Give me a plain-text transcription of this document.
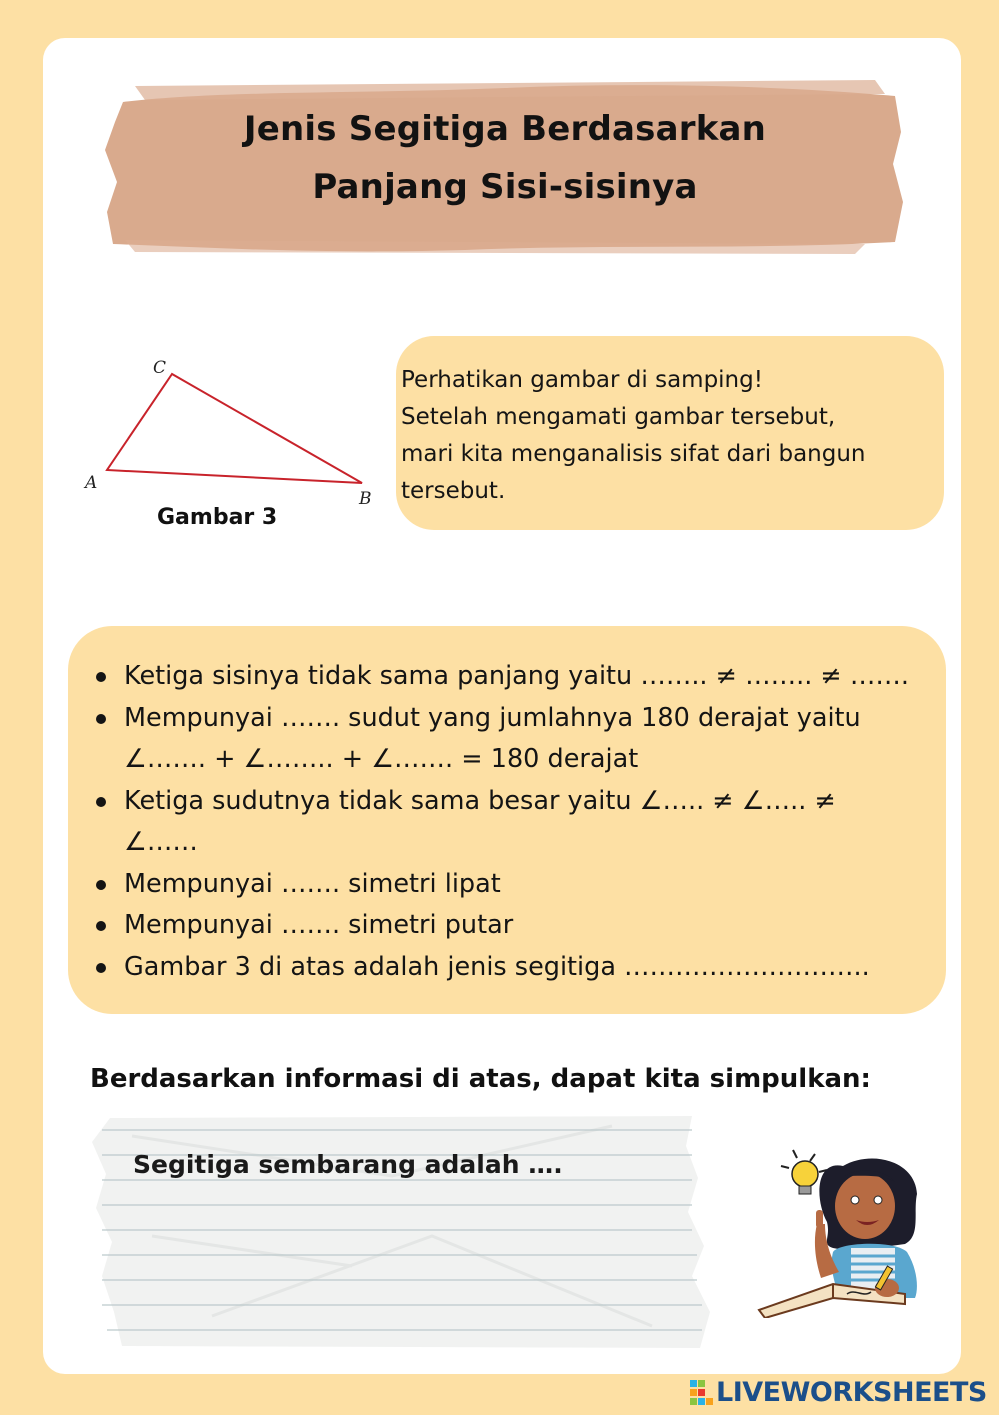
Jenis Segitiga Berdasarkan
Panjang Sisi-sisinya
C
A
B
Gambar 3
Perhatikan gambar di samping!
Setelah mengamati gambar tersebut,
mari kita menganalisis sifat dari bangun
tersebut.
Ketiga sisinya tidak sama panjang yaitu …….. ≠ …….. ≠ …….
Mempunyai ……. sudut yang jumlahnya 180 derajat yaitu
∠……. + ∠…….. + ∠……. = 180 derajat
Ketiga sudutnya tidak sama besar yaitu ∠….. ≠ ∠….. ≠
∠……
Mempunyai ……. simetri lipat
Mempunyai ……. simetri putar
Gambar 3 di atas adalah jenis segitiga ………………………..
Berdasarkan informasi di atas, dapat kita simpulkan:
Segitiga sembarang adalah ….
LIVEWORKSHEETS
